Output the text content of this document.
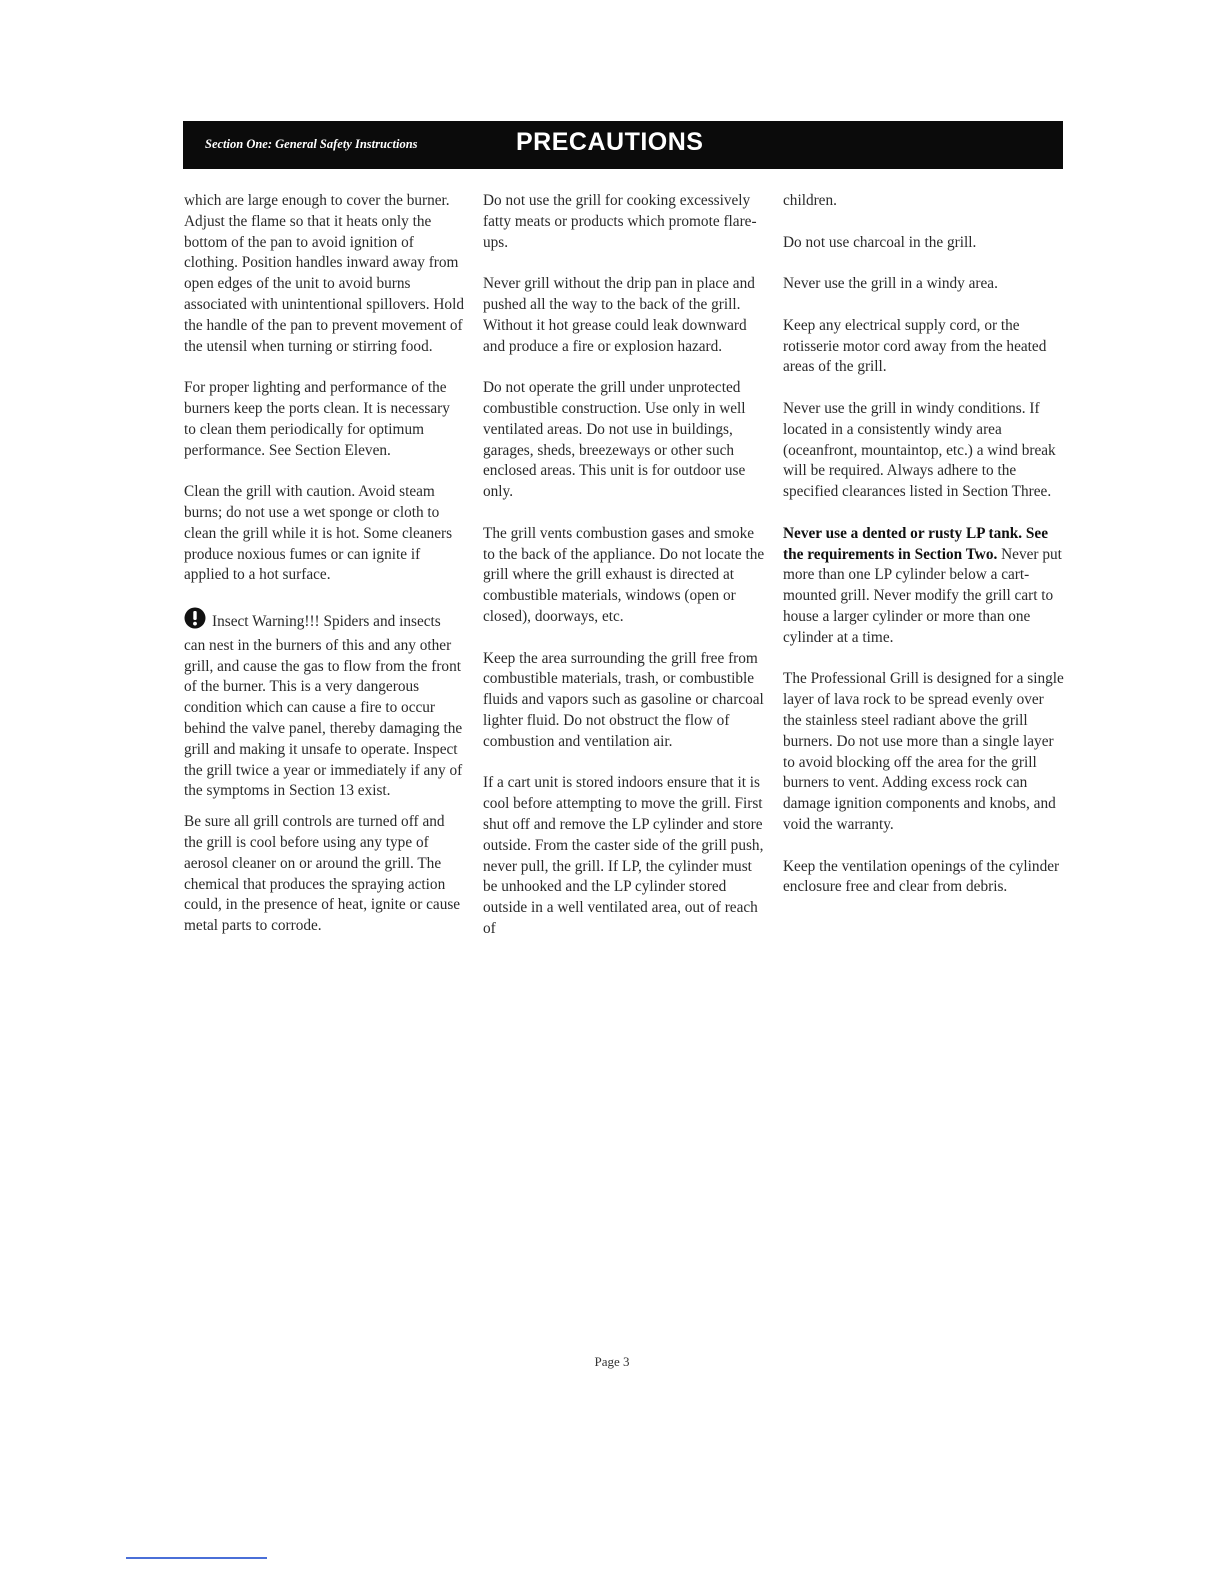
Section One: General Safety Instructions	PRECAUTIONS

which are large enough to cover the burner. Adjust the flame so that it heats only the bottom of the pan to avoid ignition of clothing. Position handles inward away from open edges of the unit to avoid burns associated with unintentional spillovers. Hold the handle of the pan to prevent movement of the utensil when turning or stirring food.

For proper lighting and performance of the burners keep the ports clean. It is necessary to clean them periodically for optimum performance. See Section Eleven.

Clean the grill with caution. Avoid steam burns; do not use a wet sponge or cloth to clean the grill while it is hot. Some cleaners produce noxious fumes or can ignite if applied to a hot surface.

Insect Warning!!! Spiders and insects can nest in the burners of this and any other grill, and cause the gas to flow from the front of the burner. This is a very dangerous condition which can cause a fire to occur behind the valve panel, thereby damaging the grill and making it unsafe to operate. Inspect the grill twice a year or immediately if any of the symptoms in Section 13 exist.

Be sure all grill controls are turned off and the grill is cool before using any type of aerosol cleaner on or around the grill. The chemical that produces the spraying action could, in the presence of heat, ignite or cause metal parts to corrode.

Do not use the grill for cooking excessively fatty meats or products which promote flare-ups.

Never grill without the drip pan in place and pushed all the way to the back of the grill. Without it hot grease could leak downward and produce a fire or explosion hazard.

Do not operate the grill under unprotected combustible construction. Use only in well ventilated areas. Do not use in buildings, garages, sheds, breezeways or other such enclosed areas. This unit is for outdoor use only.

The grill vents combustion gases and smoke to the back of the appliance. Do not locate the grill where the grill exhaust is directed at combustible materials, windows (open or closed), doorways, etc.

Keep the area surrounding the grill free from combustible materials, trash, or combustible fluids and vapors such as gasoline or charcoal lighter fluid. Do not obstruct the flow of combustion and ventilation air.

If a cart unit is stored indoors ensure that it is cool before attempting to move the grill. First shut off and remove the LP cylinder and store outside. From the caster side of the grill push, never pull, the grill. If LP, the cylinder must be unhooked and the LP cylinder stored outside in a well ventilated area, out of reach of

children.

Do not use charcoal in the grill.

Never use the grill in a windy area.

Keep any electrical supply cord, or the rotisserie motor cord away from the heated areas of the grill.

Never use the grill in windy conditions. If located in a consistently windy area (oceanfront, mountaintop, etc.) a wind break will be required. Always adhere to the specified clearances listed in Section Three.

Never use a dented or rusty LP tank. See the requirements in Section Two. Never put more than one LP cylinder below a cart-mounted grill. Never modify the grill cart to house a larger cylinder or more than one cylinder at a time.

The Professional Grill is designed for a single layer of lava rock to be spread evenly over the stainless steel radiant above the grill burners. Do not use more than a single layer to avoid blocking off the area for the grill burners to vent. Adding excess rock can damage ignition components and knobs, and void the warranty.

Keep the ventilation openings of the cylinder enclosure free and clear from debris.

Page 3
